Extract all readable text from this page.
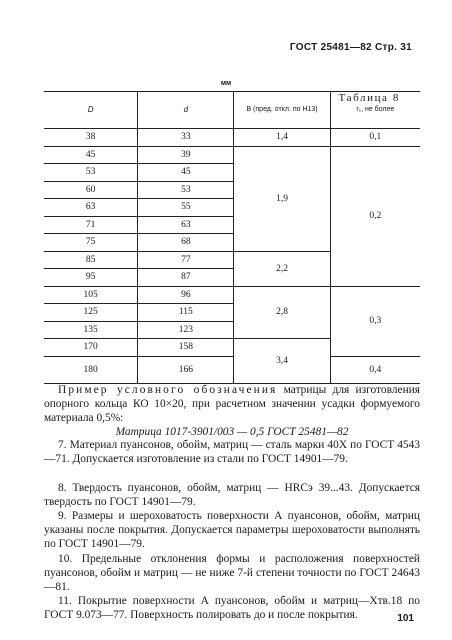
ГОСТ 25481—82 Стр. 31
мм
Таблица 8
D	d	B (пред. откл. по H13)	r₁, не более
38	33	1,4	0,1
45	39	1,9	0,2
53	45		
60	53		
63	55		
71	63		
75	68		
85	77	2,2	
95	87		
105	96	2,8	0,3
125	115		
135	123		
170	158	3,4	
180	166		0,4
Пример условного обозначения матрицы для изготовления опорного кольца КО 10×20, при расчетном значении усадки формуемого материала 0,5%:
Матрица 1017-3901/003 — 0,5 ГОСТ 25481—82
7. Материал пуансонов, обойм, матриц — сталь марки 40Х по ГОСТ 4543—71. Допускается изготовление из стали по ГОСТ 14901—79.
8. Твердость пуансонов, обойм, матриц — HRCэ 39...43. Допускается твердость по ГОСТ 14901—79.
9. Размеры и шероховатость поверхности А пуансонов, обойм, матриц указаны после покрытия. Допускается параметры шероховатости выполнять по ГОСТ 14901—79.
10. Предельные отклонения формы и расположения поверхностей пуансонов, обойм и матриц — не ниже 7-й степени точности по ГОСТ 24643—81.
11. Покрытие поверхности А пуансонов, обойм и матриц—Хтв.18 по ГОСТ 9.073—77. Поверхность полировать до и после покрытия.	101
